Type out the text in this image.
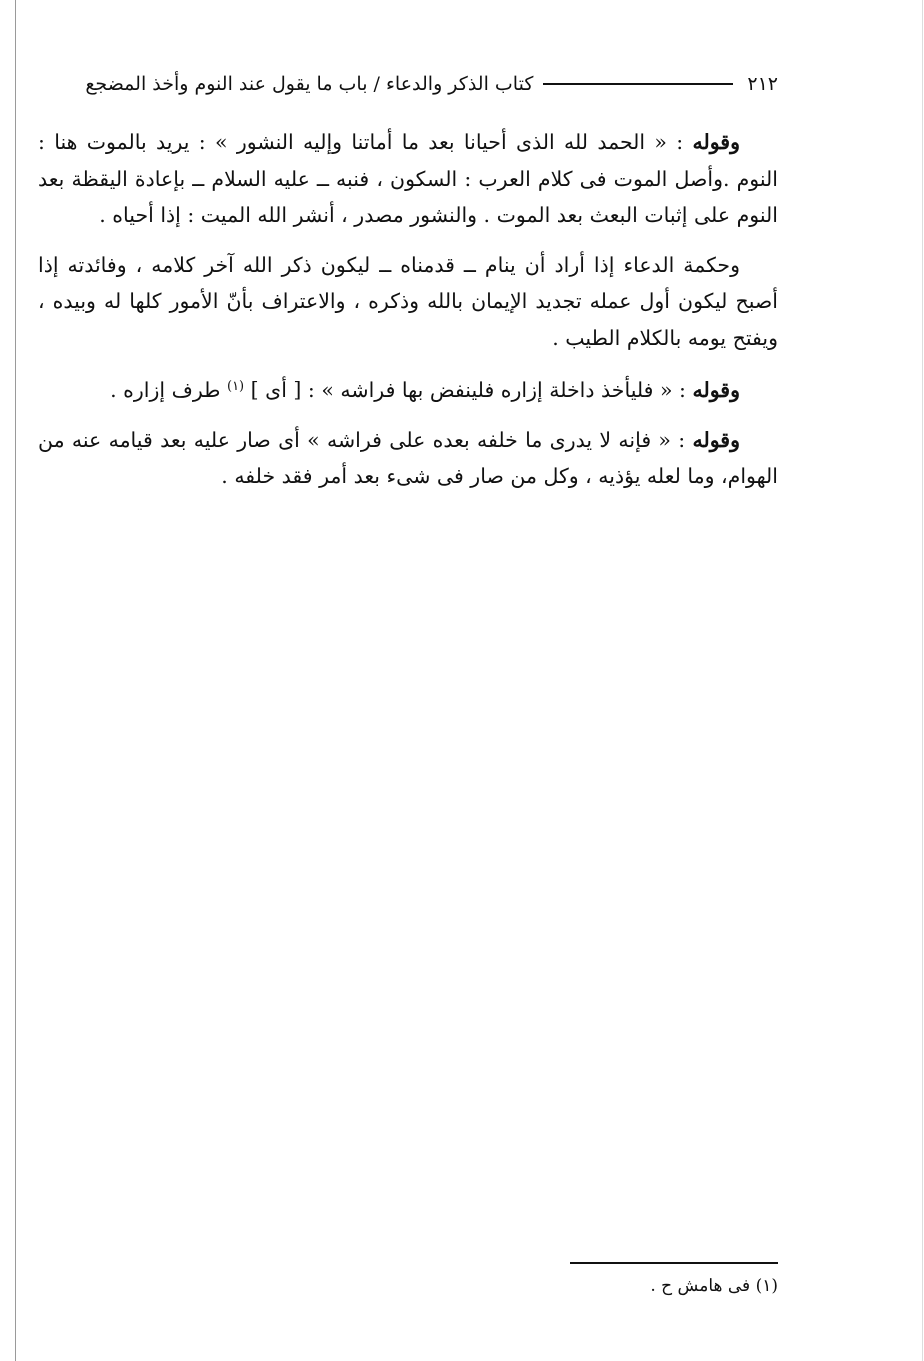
٢١٢
كتاب الذكر والدعاء / باب ما يقول عند النوم وأخذ المضجع

وقوله : « الحمد لله الذى أحيانا بعد ما أماتنا وإليه النشور » : يريد بالموت هنا : النوم .وأصل الموت فى كلام العرب : السكون ، فنبه ــ عليه السلام ــ بإعادة اليقظة بعد النوم على إثبات البعث بعد الموت . والنشور مصدر ، أنشر الله الميت : إذا أحياه .

وحكمة الدعاء إذا أراد أن ينام ــ قدمناه ــ ليكون ذكر الله آخر كلامه ، وفائدته إذا أصبح ليكون أول عمله تجديد الإيمان بالله وذكره ، والاعتراف بأنّ الأمور كلها له وبيده ، ويفتح يومه بالكلام الطيب .

وقوله : « فليأخذ داخلة إزاره فلينفض بها فراشه » : [ أى ] $^{(١)}$ طرف إزاره .

وقوله : « فإنه لا يدرى ما خلفه بعده على فراشه » أى صار عليه بعد قيامه عنه من الهوام، وما لعله يؤذيه ، وكل من صار فى شىء بعد أمر فقد خلفه .

(١) فى هامش ح .
